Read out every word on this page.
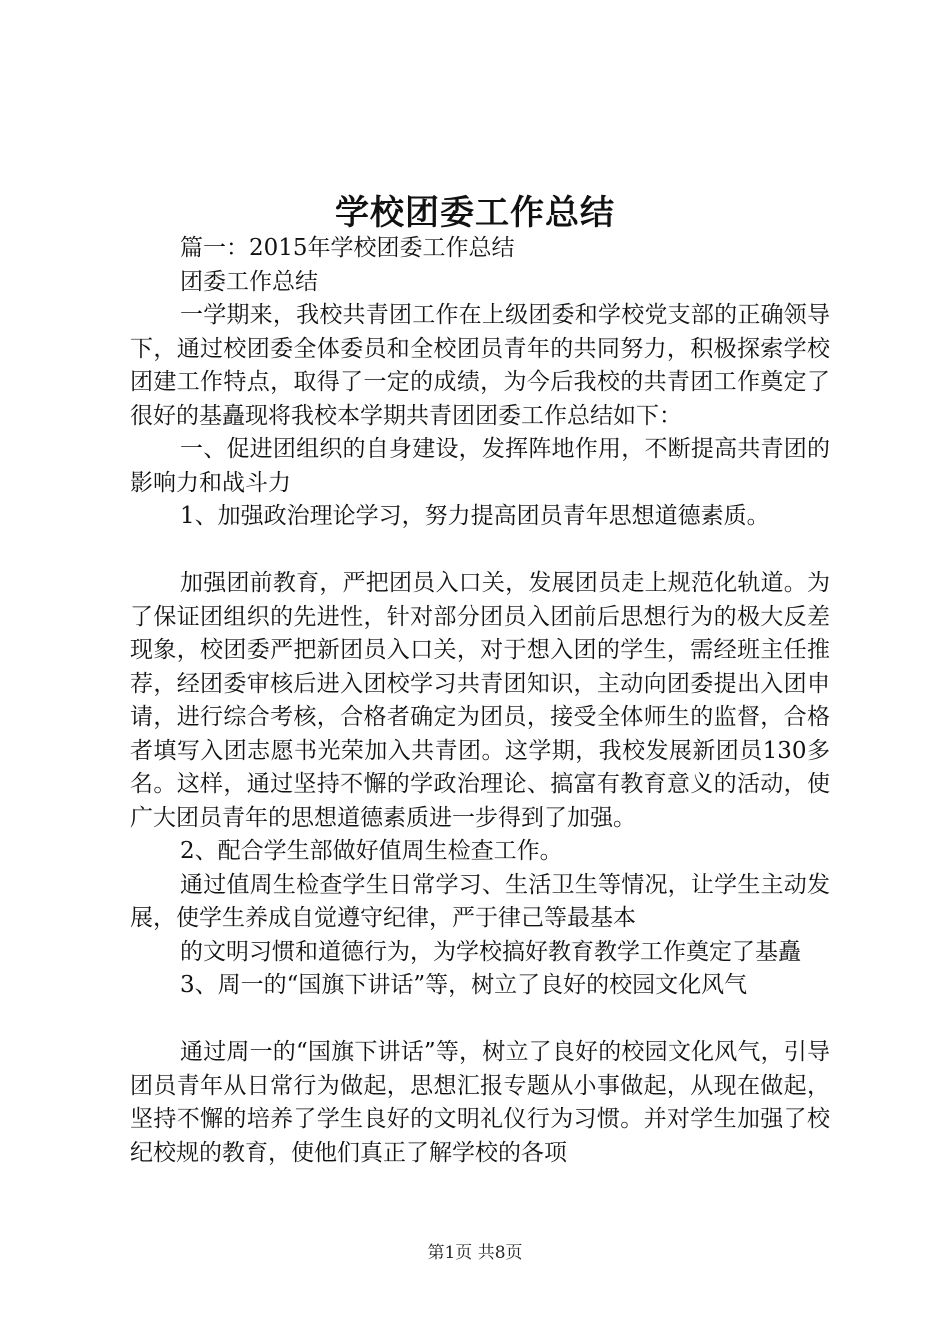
学校团委工作总结

篇一：2015年学校团委工作总结

团委工作总结

一学期来，我校共青团工作在上级团委和学校党支部的正确领导下，通过校团委全体委员和全校团员青年的共同努力，积极探索学校团建工作特点，取得了一定的成绩，为今后我校的共青团工作奠定了很好的基矗现将我校本学期共青团团委工作总结如下：

一、促进团组织的自身建设，发挥阵地作用，不断提高共青团的影响力和战斗力

1、加强政治理论学习，努力提高团员青年思想道德素质。

加强团前教育，严把团员入口关，发展团员走上规范化轨道。为了保证团组织的先进性，针对部分团员入团前后思想行为的极大反差现象，校团委严把新团员入口关，对于想入团的学生，需经班主任推荐，经团委审核后进入团校学习共青团知识，主动向团委提出入团申请，进行综合考核，合格者确定为团员，接受全体师生的监督，合格者填写入团志愿书光荣加入共青团。这学期，我校发展新团员130多名。这样，通过坚持不懈的学政治理论、搞富有教育意义的活动，使广大团员青年的思想道德素质进一步得到了加强。

2、配合学生部做好值周生检查工作。

通过值周生检查学生日常学习、生活卫生等情况，让学生主动发展，使学生养成自觉遵守纪律，严于律己等最基本

的文明习惯和道德行为，为学校搞好教育教学工作奠定了基矗

3、周一的“国旗下讲话”等，树立了良好的校园文化风气

通过周一的“国旗下讲话”等，树立了良好的校园文化风气，引导团员青年从日常行为做起，思想汇报专题从小事做起，从现在做起，坚持不懈的培养了学生良好的文明礼仪行为习惯。并对学生加强了校纪校规的教育，使他们真正了解学校的各项

第1页 共8页
